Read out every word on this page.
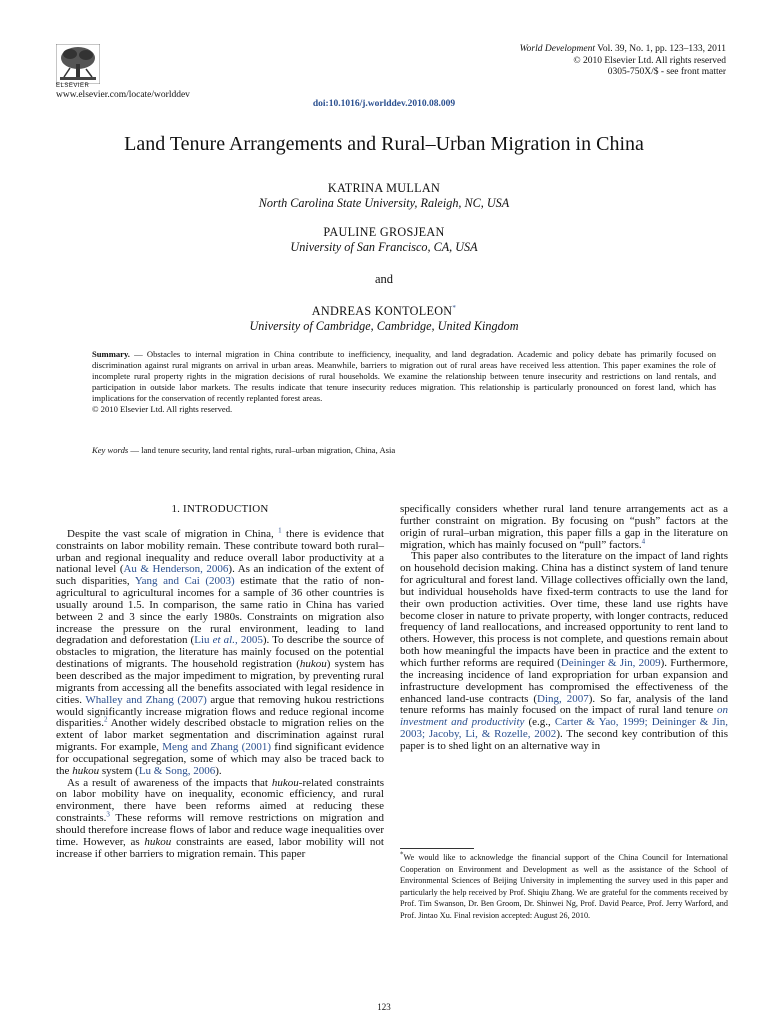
ELSEVIER
www.elsevier.com/locate/worlddev
World Development Vol. 39, No. 1, pp. 123–133, 2011
© 2010 Elsevier Ltd. All rights reserved
0305-750X/$ - see front matter
doi:10.1016/j.worlddev.2010.08.009
Land Tenure Arrangements and Rural–Urban Migration in China
KATRINA MULLAN
North Carolina State University, Raleigh, NC, USA
PAULINE GROSJEAN
University of San Francisco, CA, USA
and
ANDREAS KONTOLEON*
University of Cambridge, Cambridge, United Kingdom
Summary. — Obstacles to internal migration in China contribute to inefficiency, inequality, and land degradation. Academic and policy debate has primarily focused on discrimination against rural migrants on arrival in urban areas. Meanwhile, barriers to migration out of rural areas have received less attention. This paper examines the role of incomplete rural property rights in the migration decisions of rural households. We examine the relationship between tenure insecurity and restrictions on land rentals, and participation in outside labor markets. The results indicate that tenure insecurity reduces migration. This relationship is particularly pronounced on forest land, which has implications for the conservation of recently replanted forest areas.
© 2010 Elsevier Ltd. All rights reserved.
Key words — land tenure security, land rental rights, rural–urban migration, China, Asia
1. INTRODUCTION

Despite the vast scale of migration in China, $^1$ there is evidence that constraints on labor mobility remain. These contribute toward both rural–urban and regional inequality and reduce overall labor productivity at a national level (Au & Henderson, 2006). As an indication of the extent of such disparities, Yang and Cai (2003) estimate that the ratio of non-agricultural to agricultural incomes for a sample of 36 other countries is usually around 1.5. In comparison, the same ratio in China has varied between 2 and 3 since the early 1980s. Constraints on migration also increase the pressure on the rural environment, leading to land degradation and deforestation (Liu et al., 2005). To describe the source of obstacles to migration, the literature has mainly focused on the potential destinations of migrants. The household registration (hukou) system has been described as the major impediment to migration, by preventing rural migrants from accessing all the benefits associated with legal residence in cities. Whalley and Zhang (2007) argue that removing hukou restrictions would significantly increase migration flows and reduce regional income disparities.$^2$ Another widely described obstacle to migration relies on the extent of labor market segmentation and discrimination against rural migrants. For example, Meng and Zhang (2001) find significant evidence for occupational segregation, some of which may also be traced back to the hukou system (Lu & Song, 2006).

As a result of awareness of the impacts that hukou-related constraints on labor mobility have on inequality, economic efficiency, and rural environment, there have been reforms aimed at reducing these constraints.$^3$ These reforms will remove restrictions on migration and should therefore increase flows of labor and reduce wage inequalities over time. However, as hukou constraints are eased, labor mobility will not increase if other barriers to migration remain. This paper

specifically considers whether rural land tenure arrangements act as a further constraint on migration. By focusing on “push” factors at the origin of rural–urban migration, this paper fills a gap in the literature on migration, which has mainly focused on “pull” factors.$^4$

This paper also contributes to the literature on the impact of land rights on household decision making. China has a distinct system of land tenure for agricultural and forest land. Village collectives officially own the land, but individual households have fixed-term contracts to use the land for their own production activities. Over time, these land use rights have become closer in nature to private property, with longer contracts, reduced frequency of land reallocations, and increased opportunity to rent land to others. However, this process is not complete, and questions remain about both how meaningful the impacts have been in practice and the extent to which further reforms are required (Deininger & Jin, 2009). Furthermore, the increasing incidence of land expropriation for urban expansion and infrastructure development has compromised the effectiveness of the enhanced land-use contracts (Ding, 2007). So far, analysis of the land tenure reforms has mainly focused on the impact of rural land tenure on investment and productivity (e.g., Carter & Yao, 1999; Deininger & Jin, 2003; Jacoby, Li, & Rozelle, 2002). The second key contribution of this paper is to shed light on an alternative way in

*We would like to acknowledge the financial support of the China Council for International Cooperation on Environment and Development as well as the assistance of the School of Environmental Sciences of Beijing University in implementing the survey used in this paper and particularly the help received by Prof. Shiqiu Zhang. We are grateful for the comments received by Prof. Tim Swanson, Dr. Ben Groom, Dr. Shinwei Ng, Prof. David Pearce, Prof. Jerry Warford, and Prof. Jintao Xu. Final revision accepted: August 26, 2010.
123
